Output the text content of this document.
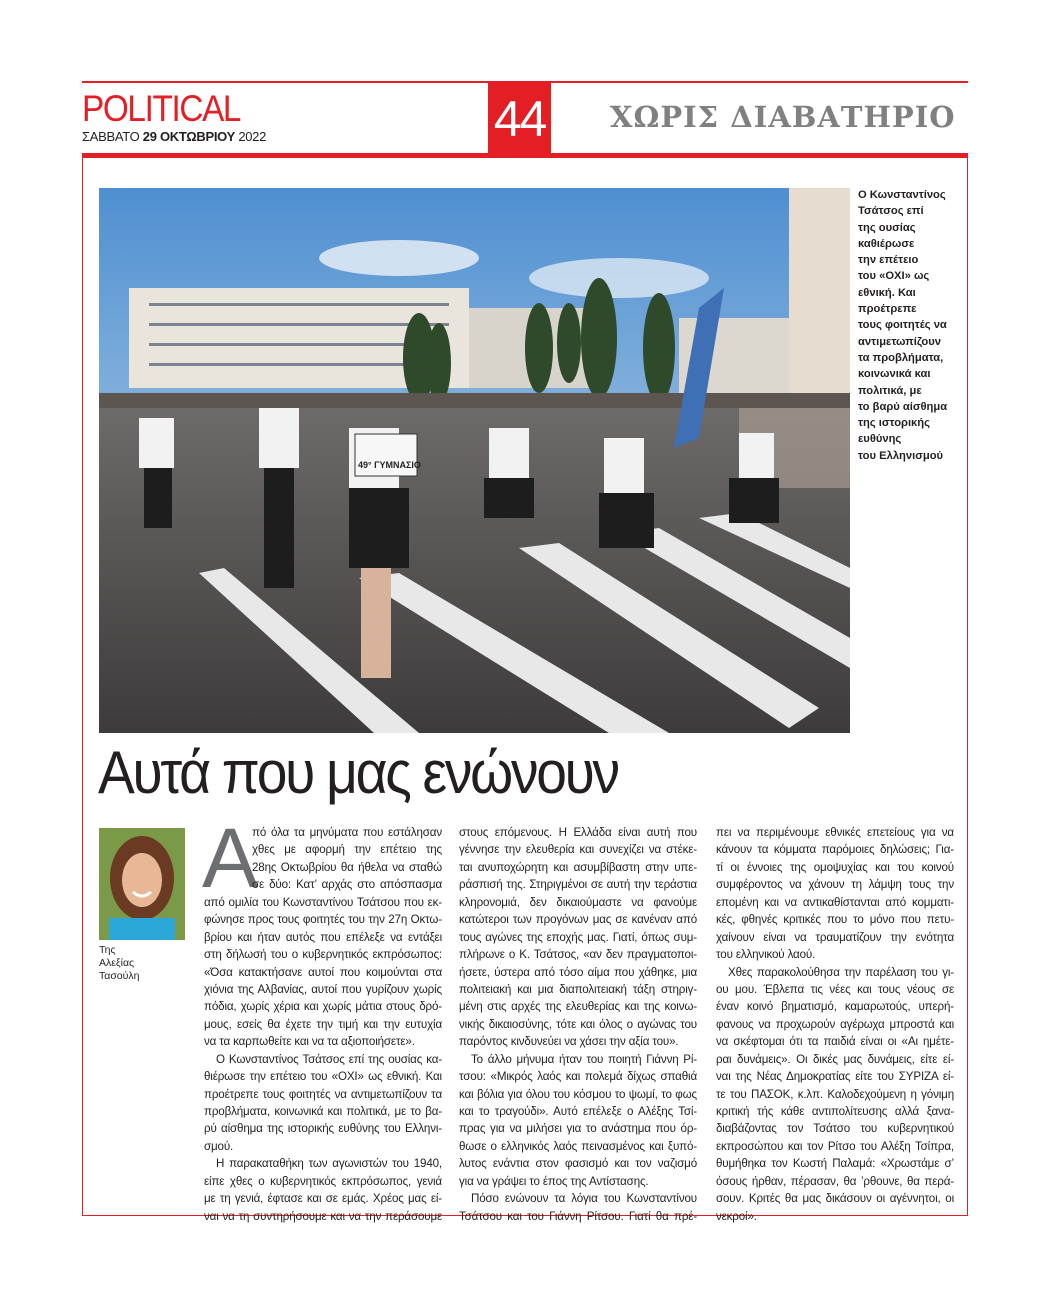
POLITICAL
ΣΑΒΒΑΤΟ 29 ΟΚΤΩΒΡΙΟΥ 2022	44 ΧΩΡΙΣ ΔΙΑΒΑΤΗΡΙΟ
49° ΓΥΜΝΑΣΙΟ
Ο Κωνσταντίνος
Τσάτσος επί
της ουσίας
καθιέρωσε
την επέτειο
του «ΟΧΙ» ως
εθνική. Και
προέτρεπε
τους φοιτητές να
αντιμετωπίζουν
τα προβλήματα,
κοινωνικά και
πολιτικά, με
το βαρύ αίσθημα
της ιστορικής
ευθύνης
του Ελληνισμού
Αυτά που μας ενώνουν
Της
Αλεξίας
Τασούλη
Α
πό όλα τα μηνύματα που εστάλησαν
χθες με αφορμή την επέτειο της
28ης Οκτωβρίου θα ήθελα να σταθώ
σε δύο: Κατ’ αρχάς στο απόσπασμα
από ομιλία του Κωνσταντίνου Τσάτσου που εκ-
φώνησε προς τους φοιτητές του την 27η Οκτω-
βρίου και ήταν αυτός που επέλεξε να εντάξει
στη δήλωσή του ο κυβερνητικός εκπρόσωπος:
«Όσα κατακτήσανε αυτοί που κοιμούνται στα
χιόνια της Αλβανίας, αυτοί που γυρίζουν χωρίς
πόδια, χωρίς χέρια και χωρίς μάτια στους δρό-
μους, εσείς θα έχετε την τιμή και την ευτυχία
να τα καρπωθείτε και να τα αξιοποιήσετε».
Ο Κωνσταντίνος Τσάτσος επί της ουσίας κα-
θιέρωσε την επέτειο του «ΟΧΙ» ως εθνική. Και
προέτρεπε τους φοιτητές να αντιμετωπίζουν τα
προβλήματα, κοινωνικά και πολιτικά, με το βα-
ρύ αίσθημα της ιστορικής ευθύνης του Ελληνι-
σμού.
Η παρακαταθήκη των αγωνιστών του 1940,
είπε χθες ο κυβερνητικός εκπρόσωπος, γενιά
με τη γενιά, έφτασε και σε εμάς. Χρέος μας εί-
ναι να τη συντηρήσουμε και να την περάσουμε
στους επόμενους. Η Ελλάδα είναι αυτή που
γέννησε την ελευθερία και συνεχίζει να στέκε-
ται ανυποχώρητη και ασυμβίβαστη στην υπε-
ράσπισή της. Στηριγμένοι σε αυτή την τεράστια
κληρονομιά, δεν δικαιούμαστε να φανούμε
κατώτεροι των προγόνων μας σε κανέναν από
τους αγώνες της εποχής μας. Γιατί, όπως συμ-
πλήρωνε ο Κ. Τσάτσος, «αν δεν πραγματοποι-
ήσετε, ύστερα από τόσο αίμα που χάθηκε, μια
πολιτειακή και μια διαπολιτειακή τάξη στηριγ-
μένη στις αρχές της ελευθερίας και της κοινω-
νικής δικαιοσύνης, τότε και όλος ο αγώνας του
παρόντος κινδυνεύει να χάσει την αξία του».
Το άλλο μήνυμα ήταν του ποιητή Γιάννη Ρί-
τσου: «Μικρός λαός και πολεμά δίχως σπαθιά
και βόλια για όλου του κόσμου το ψωμί, το φως
και το τραγούδι». Αυτό επέλεξε ο Αλέξης Τσί-
πρας για να μιλήσει για το ανάστημα που όρ-
θωσε ο ελληνικός λαός πεινασμένος και ξυπό-
λυτος ενάντια στον φασισμό και τον ναζισμό
για να γράψει το έπος της Αντίστασης.
Πόσο ενώνουν τα λόγια του Κωνσταντίνου
Τσάτσου και του Γιάννη Ρίτσου. Γιατί θα πρέ-
πει να περιμένουμε εθνικές επετείους για να
κάνουν τα κόμματα παρόμοιες δηλώσεις; Για-
τί οι έννοιες της ομοψυχίας και του κοινού
συμφέροντος να χάνουν τη λάμψη τους την
επομένη και να αντικαθίστανται από κομματι-
κές, φθηνές κριτικές που το μόνο που πετυ-
χαίνουν είναι να τραυματίζουν την ενότητα
του ελληνικού λαού.
Χθες παρακολούθησα την παρέλαση του γι-
ου μου. Έβλεπα τις νέες και τους νέους σε
έναν κοινό βηματισμό, καμαρωτούς, υπερή-
φανους να προχωρούν αγέρωχα μπροστά και
να σκέφτομαι ότι τα παιδιά είναι οι «Αι ημέτε-
ραι δυνάμεις». Οι δικές μας δυνάμεις, είτε εί-
ναι της Νέας Δημοκρατίας είτε του ΣΥΡΙΖΑ εί-
τε του ΠΑΣΟΚ, κ.λπ. Καλοδεχούμενη η γόνιμη
κριτική τής κάθε αντιπολίτευσης αλλά ξανα-
διαβάζοντας τον Τσάτσο του κυβερνητικού
εκπροσώπου και τον Ρίτσο του Αλέξη Τσίπρα,
θυμήθηκα τον Κωστή Παλαμά: «Χρωστάμε σ’
όσους ήρθαν, πέρασαν, θα ’ρθουνε, θα περά-
σουν. Κριτές θα μας δικάσουν οι αγέννητοι, οι
νεκροί».
